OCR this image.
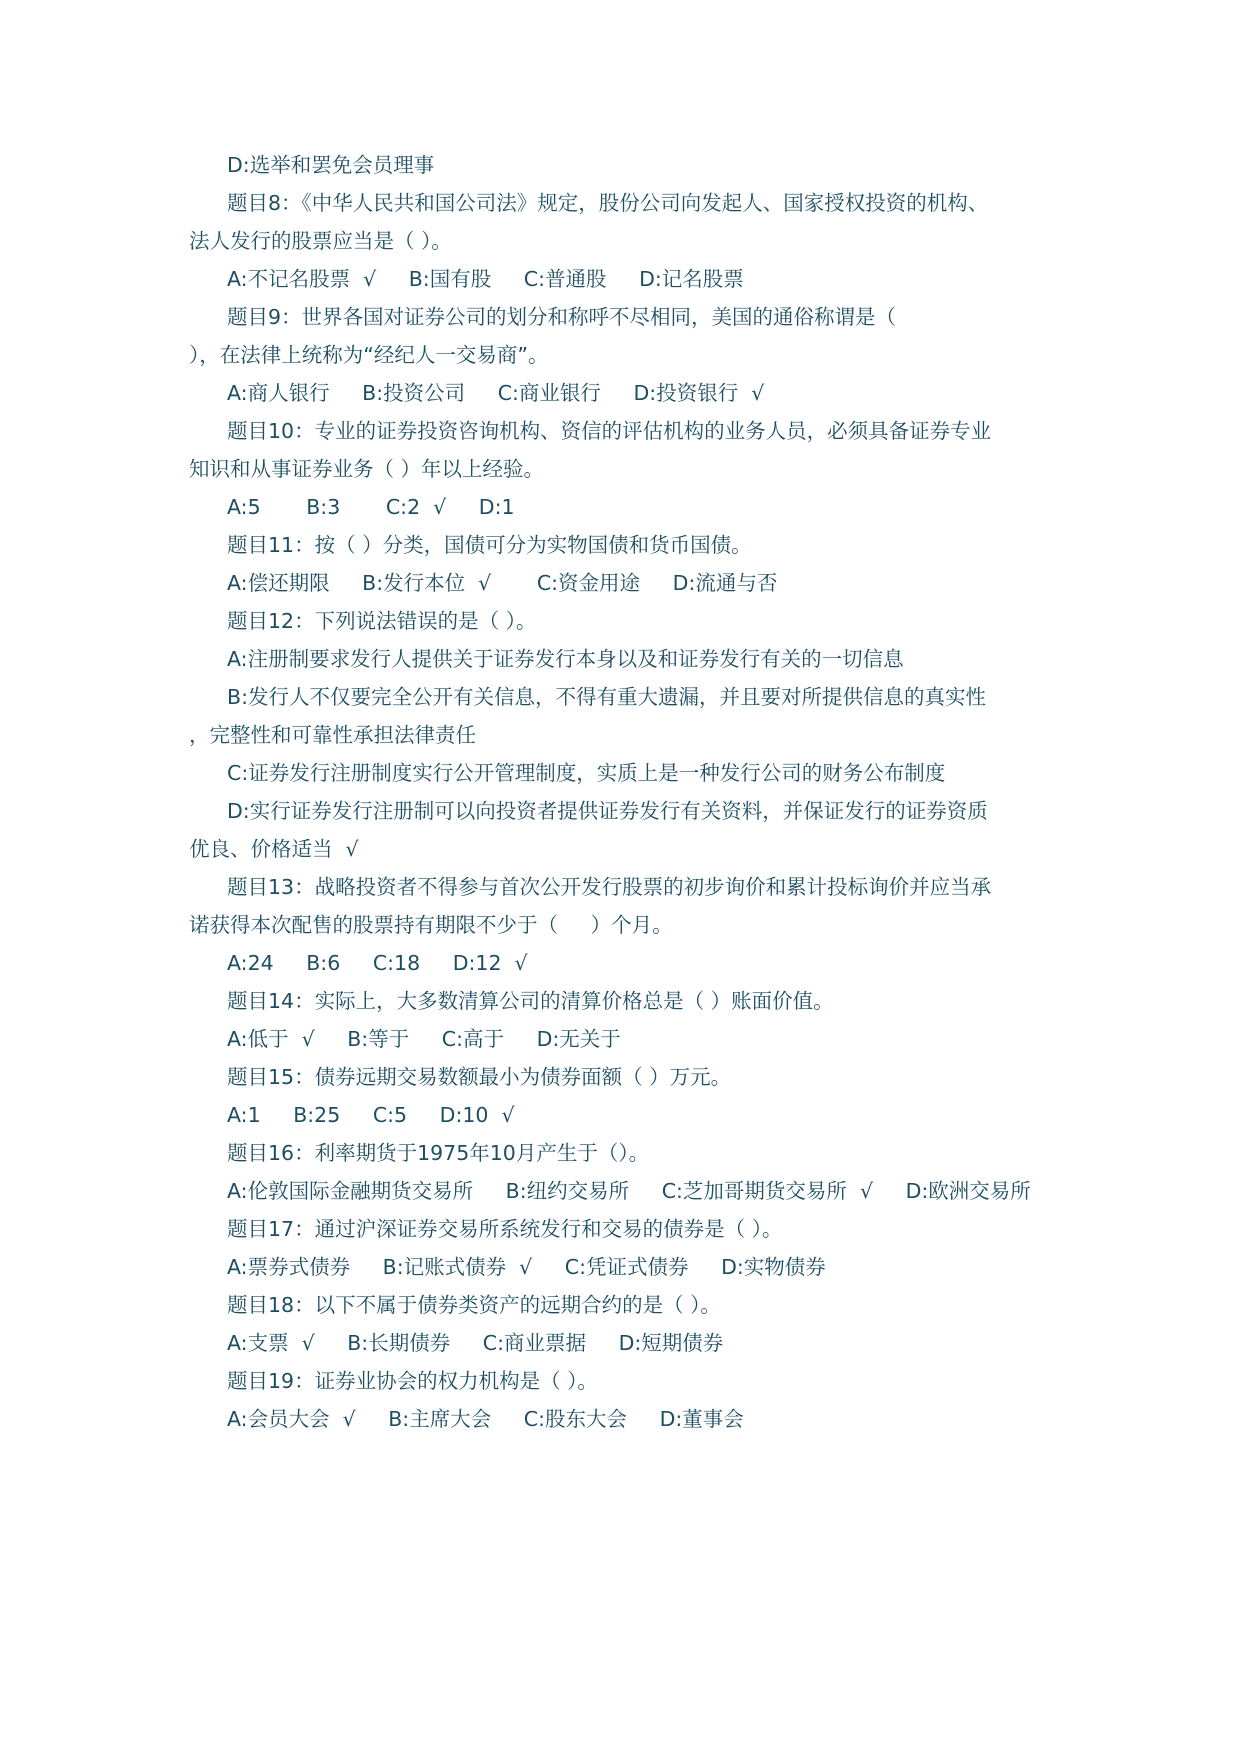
D:选举和罢免会员理事

题目8：《中华人民共和国公司法》规定，股份公司向发起人、国家授权投资的机构、

法人发行的股票应当是（ ）。

A:不记名股票  √     B:国有股     C:普通股     D:记名股票

题目9：世界各国对证券公司的划分和称呼不尽相同，美国的通俗称谓是（

），在法律上统称为“经纪人一交易商”。

A:商人银行     B:投资公司     C:商业银行     D:投资银行  √

题目10：专业的证券投资咨询机构、资信的评估机构的业务人员，必须具备证券专业

知识和从事证券业务（ ）年以上经验。

A:5       B:3       C:2  √     D:1

题目11：按（ ）分类，国债可分为实物国债和货币国债。

A:偿还期限     B:发行本位  √       C:资金用途     D:流通与否

题目12：下列说法错误的是（ ）。

A:注册制要求发行人提供关于证券发行本身以及和证券发行有关的一切信息

B:发行人不仅要完全公开有关信息，不得有重大遗漏，并且要对所提供信息的真实性

，完整性和可靠性承担法律责任

C:证券发行注册制度实行公开管理制度，实质上是一种发行公司的财务公布制度

D:实行证券发行注册制可以向投资者提供证券发行有关资料，并保证发行的证券资质

优良、价格适当  √

题目13：战略投资者不得参与首次公开发行股票的初步询价和累计投标询价并应当承

诺获得本次配售的股票持有期限不少于（     ）个月。

A:24     B:6     C:18     D:12  √

题目14：实际上，大多数清算公司的清算价格总是（ ）账面价值。

A:低于  √     B:等于     C:高于     D:无关于

题目15：债券远期交易数额最小为债券面额（ ）万元。

A:1     B:25     C:5     D:10  √

题目16：利率期货于1975年10月产生于（）。

A:伦敦国际金融期货交易所     B:纽约交易所     C:芝加哥期货交易所  √     D:欧洲交易所

题目17：通过沪深证券交易所系统发行和交易的债券是（ ）。

A:票券式债券     B:记账式债券  √     C:凭证式债券     D:实物债券

题目18：以下不属于债券类资产的远期合约的是（ ）。

A:支票  √     B:长期债券     C:商业票据     D:短期债券

题目19：证券业协会的权力机构是（ ）。

A:会员大会  √     B:主席大会     C:股东大会     D:董事会
